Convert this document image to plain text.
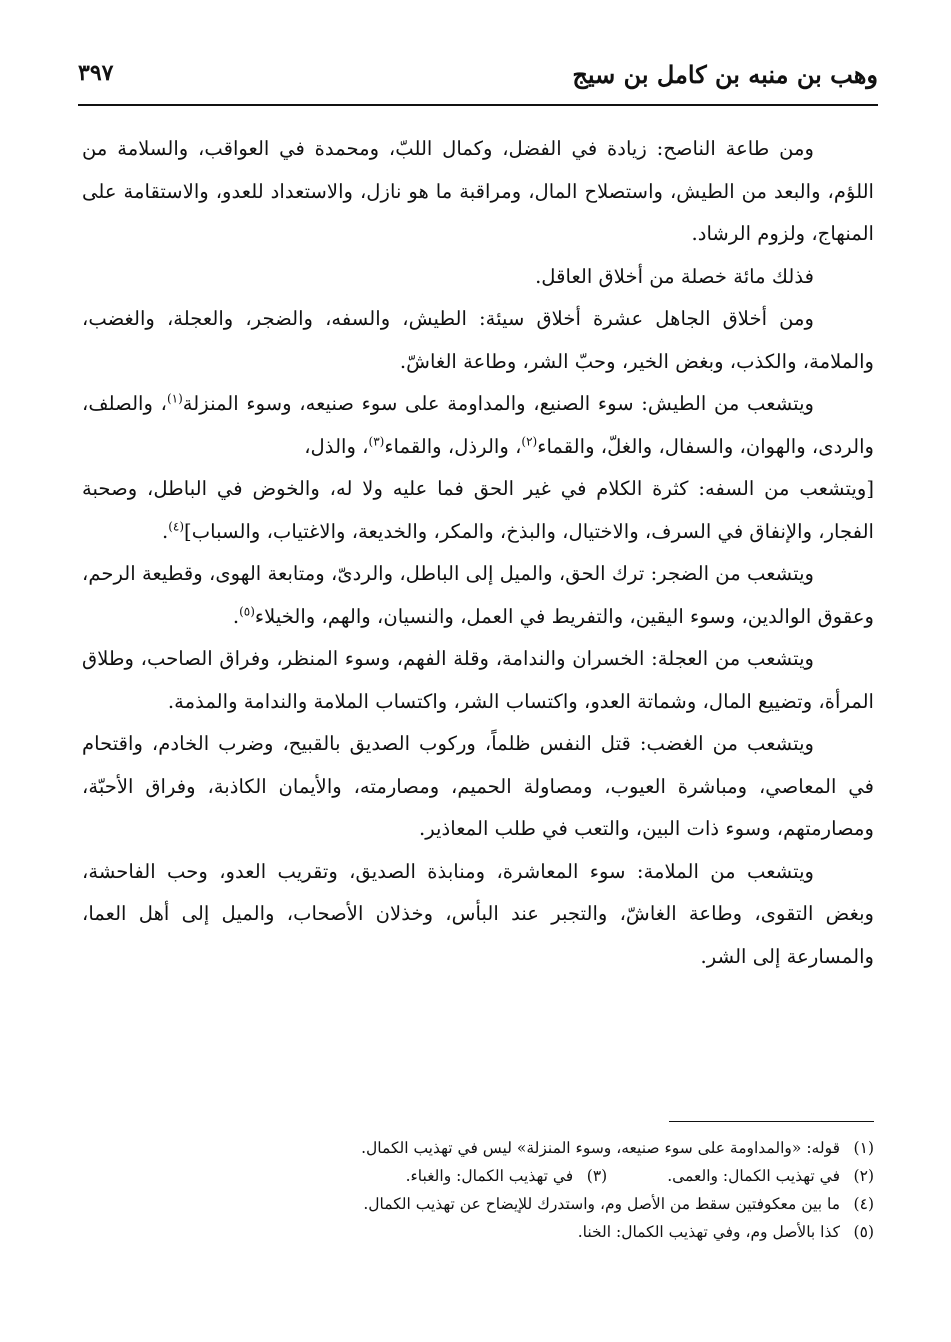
وهب بن منبه بن كامل بن سيج
٣٩٧

ومن طاعة الناصح: زيادة في الفضل، وكمال اللبّ، ومحمدة في العواقب، والسلامة من اللؤم، والبعد من الطيش، واستصلاح المال، ومراقبة ما هو نازل، والاستعداد للعدو، والاستقامة على المنهاج، ولزوم الرشاد.

فذلك مائة خصلة من أخلاق العاقل.

ومن أخلاق الجاهل عشرة أخلاق سيئة: الطيش، والسفه، والضجر، والعجلة، والغضب، والملامة، والكذب، وبغض الخير، وحبّ الشر، وطاعة الغاشّ.

ويتشعب من الطيش: سوء الصنيع، والمداومة على سوء صنيعه، وسوء المنزلة$^{(١)}$، والصلف، والردى، والهوان، والسفال، والغلّ، والقماء$^{(٢)}$، والرذل، والقماء$^{(٣)}$، والذل،

[ويتشعب من السفه: كثرة الكلام في غير الحق فما عليه ولا له، والخوض في الباطل، وصحبة الفجار، والإنفاق في السرف، والاختيال، والبذخ، والمكر، والخديعة، والاغتياب، والسباب]$^{(٤)}$.

ويتشعب من الضجر: ترك الحق، والميل إلى الباطل، والردىّ، ومتابعة الهوى، وقطيعة الرحم، وعقوق الوالدين، وسوء اليقين، والتفريط في العمل، والنسيان، والهم، والخيلاء$^{(٥)}$.

ويتشعب من العجلة: الخسران والندامة، وقلة الفهم، وسوء المنظر، وفراق الصاحب، وطلاق المرأة، وتضييع المال، وشماتة العدو، واكتساب الشر، واكتساب الملامة والندامة والمذمة.

ويتشعب من الغضب: قتل النفس ظلماً، وركوب الصديق بالقبيح، وضرب الخادم، واقتحام في المعاصي، ومباشرة العيوب، ومصاولة الحميم، ومصارمته، والأيمان الكاذبة، وفراق الأحبّة، ومصارمتهم، وسوء ذات البين، والتعب في طلب المعاذير.

ويتشعب من الملامة: سوء المعاشرة، ومنابذة الصديق، وتقريب العدو، وحب الفاحشة، وبغض التقوى، وطاعة الغاشّ، والتجبر عند البأس، وخذلان الأصحاب، والميل إلى أهل العما، والمسارعة إلى الشر.

(١)قوله: «والمداومة على سوء صنيعه، وسوء المنزلة» ليس في تهذيب الكمال.
(٢)في تهذيب الكمال: والعمى.(٣)في تهذيب الكمال: والغباء.
(٤)ما بين معكوفتين سقط من الأصل وم، واستدرك للإيضاح عن تهذيب الكمال.
(٥)كذا بالأصل وم، وفي تهذيب الكمال: الخنا.
